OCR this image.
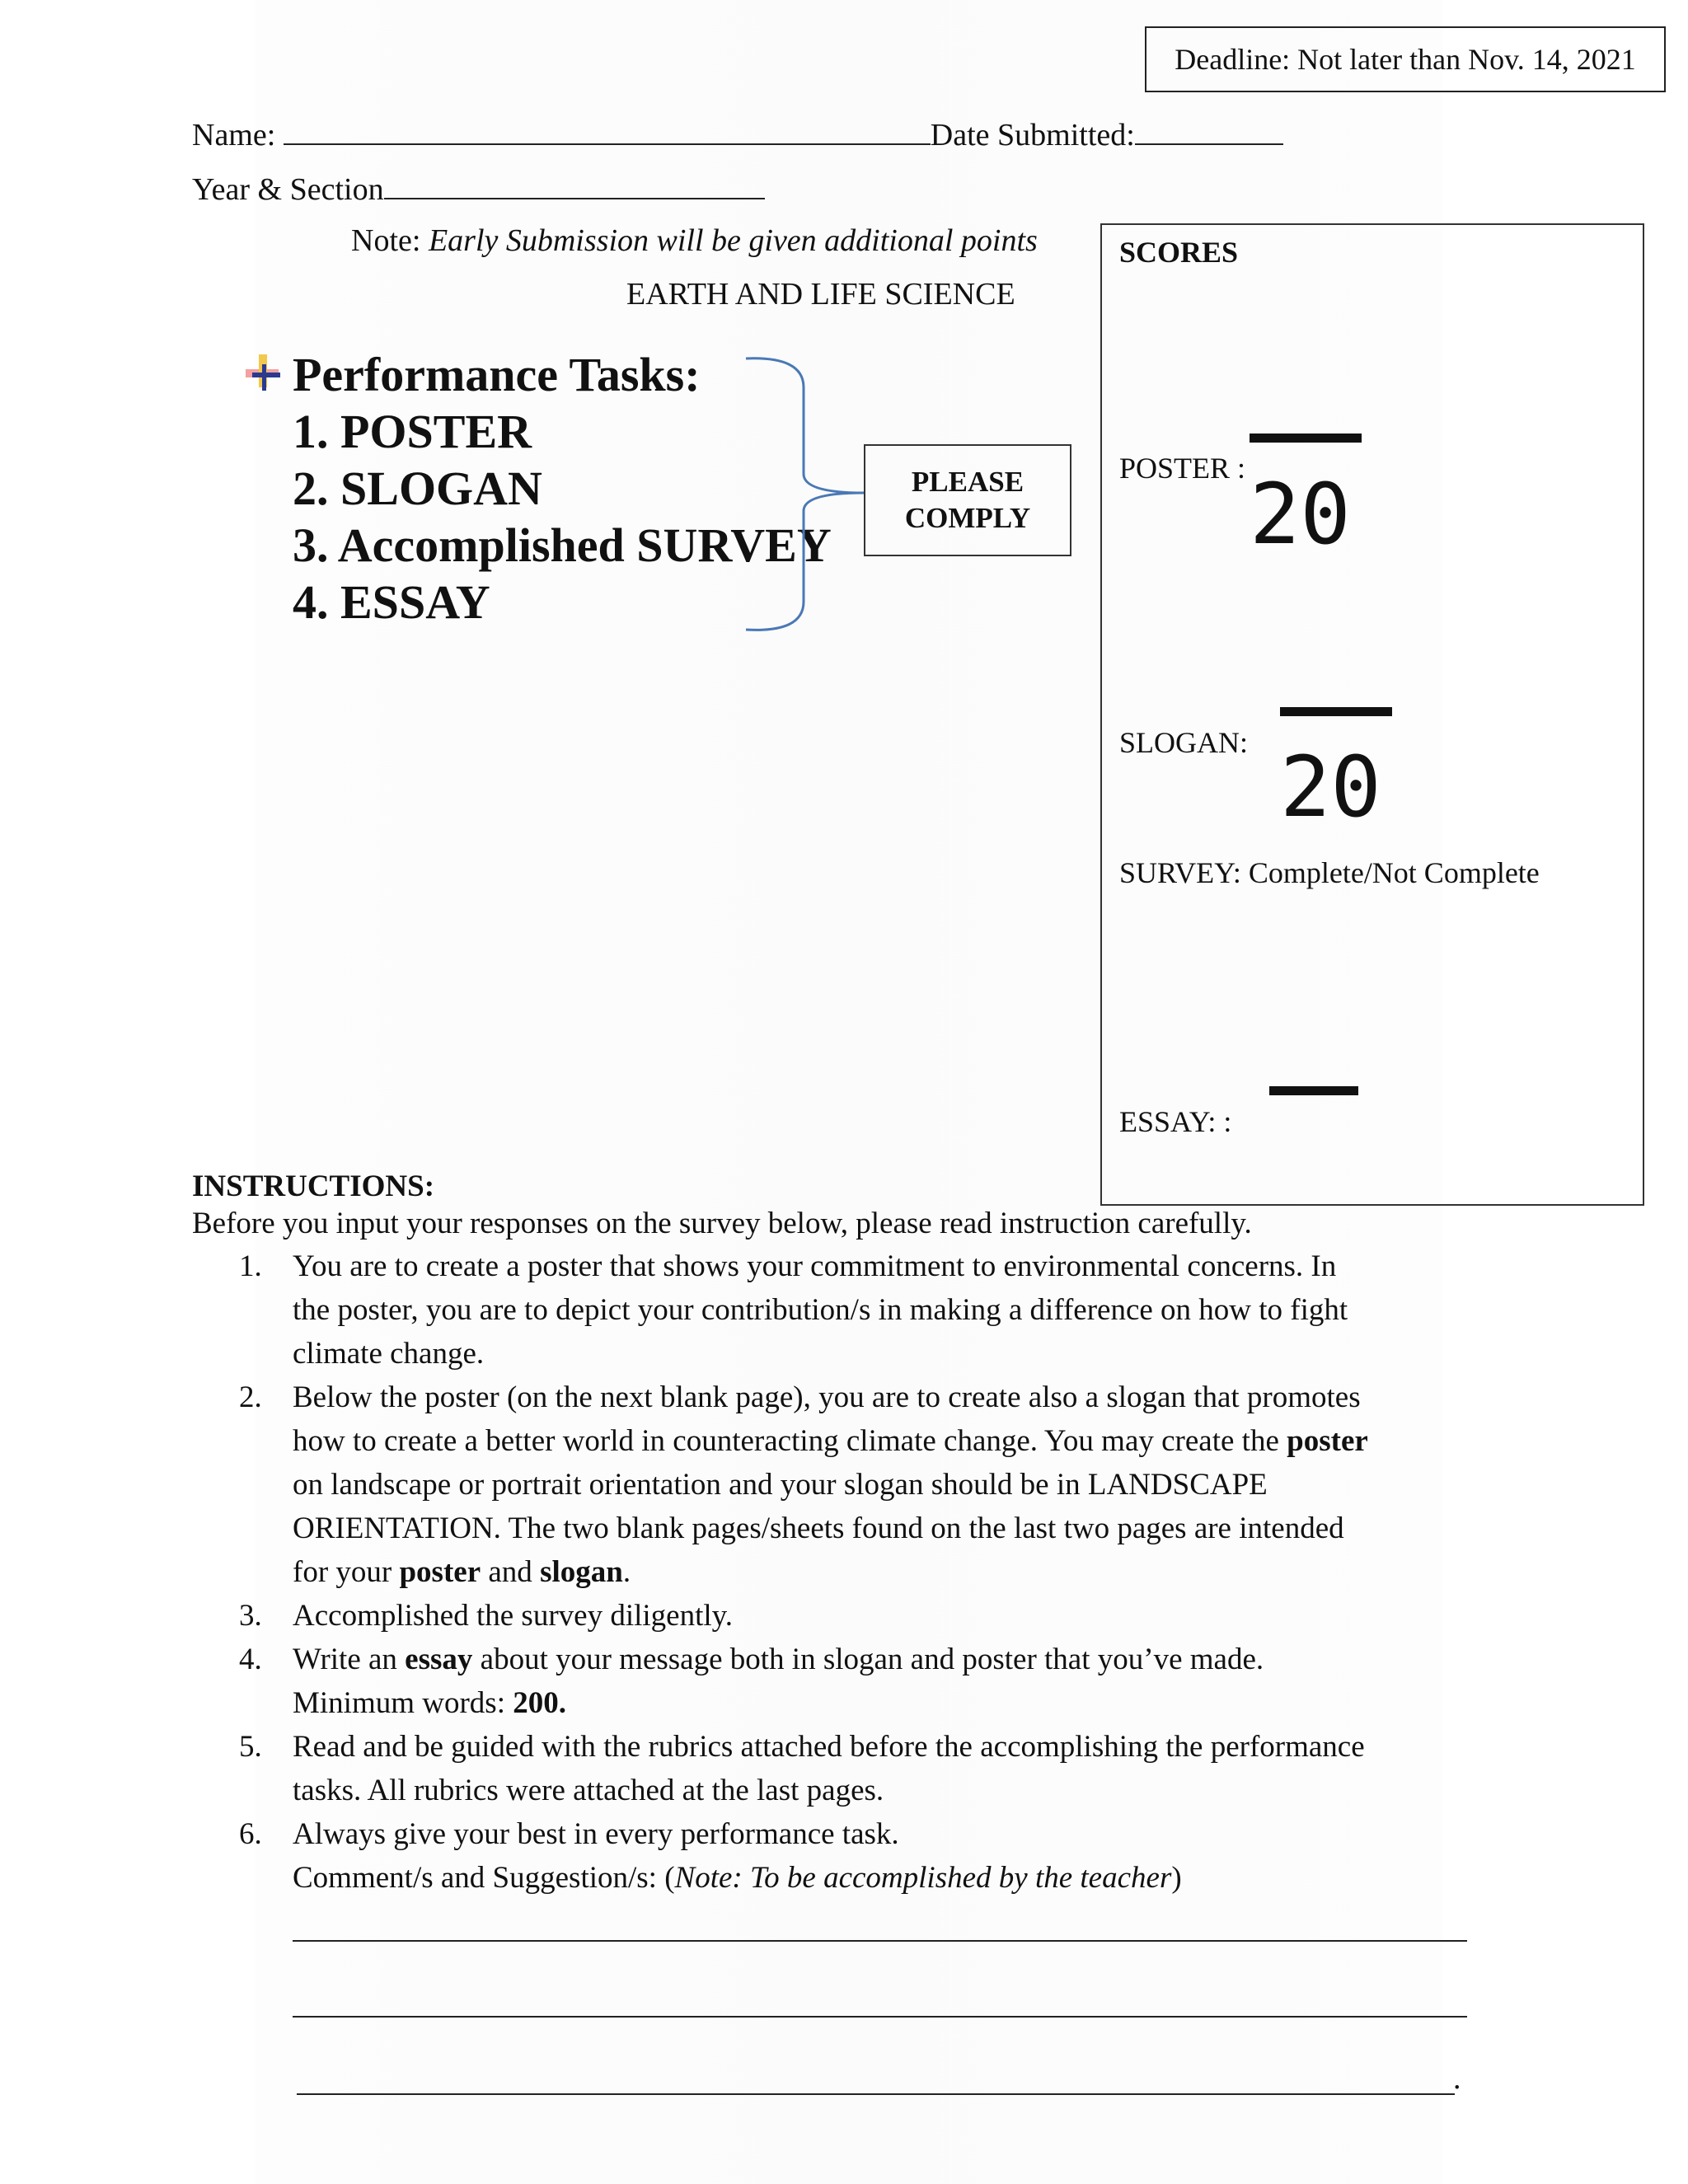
Deadline: Not later than Nov. 14, 2021
Name:	Date Submitted:
Year & Section
Note: Early Submission will be given additional points
EARTH AND LIFE SCIENCE
Performance Tasks:
1. POSTER
2. SLOGAN
3. Accomplished SURVEY
4. ESSAY
PLEASE
COMPLY
SCORES
POSTER : 20
SLOGAN: 20
SURVEY: Complete/Not Complete
ESSAY: :
INSTRUCTIONS:
Before you input your responses on the survey below, please read instruction carefully.
1. You are to create a poster that shows your commitment to environmental concerns. In
the poster, you are to depict your contribution/s in making a difference on how to fight
climate change.
2. Below the poster (on the next blank page), you are to create also a slogan that promotes
how to create a better world in counteracting climate change. You may create the poster
on landscape or portrait orientation and your slogan should be in LANDSCAPE
ORIENTATION. The two blank pages/sheets found on the last two pages are intended
for your poster and slogan.
3. Accomplished the survey diligently.
4. Write an essay about your message both in slogan and poster that you’ve made.
Minimum words: 200.
5. Read and be guided with the rubrics attached before the accomplishing the performance
tasks. All rubrics were attached at the last pages.
6. Always give your best in every performance task.
Comment/s and Suggestion/s: (Note: To be accomplished by the teacher)
.
